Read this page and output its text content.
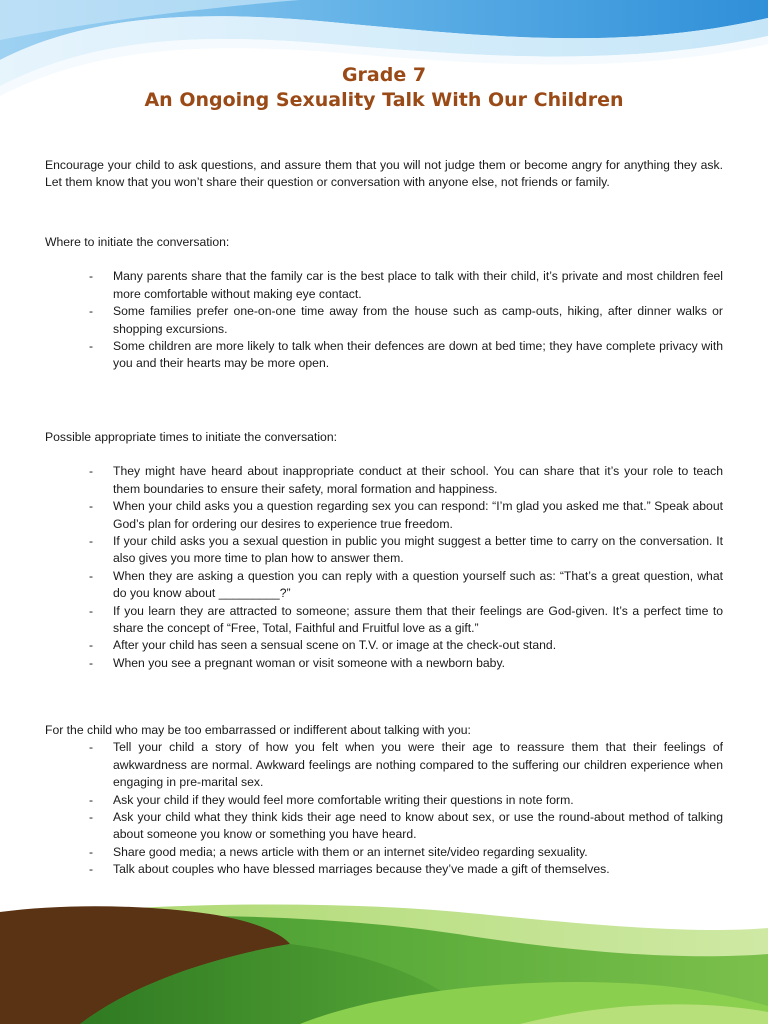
Grade 7
An Ongoing Sexuality Talk With Our Children

Encourage your child to ask questions, and assure them that you will not judge them or become angry for anything they ask. Let them know that you won’t share their question or conversation with anyone else, not friends or family.

Where to initiate the conversation:

- Many parents share that the family car is the best place to talk with their child, it’s private and most children feel more comfortable without making eye contact.
- Some families prefer one-on-one time away from the house such as camp-outs, hiking, after dinner walks or shopping excursions.
- Some children are more likely to talk when their defences are down at bed time; they have complete privacy with you and their hearts may be more open.

Possible appropriate times to initiate the conversation:

- They might have heard about inappropriate conduct at their school. You can share that it’s your role to teach them boundaries to ensure their safety, moral formation and happiness.
- When your child asks you a question regarding sex you can respond: “I’m glad you asked me that.” Speak about God’s plan for ordering our desires to experience true freedom.
- If your child asks you a sexual question in public you might suggest a better time to carry on the conversation. It also gives you more time to plan how to answer them.
- When they are asking a question you can reply with a question yourself such as: “That’s a great question, what do you know about _________?”
- If you learn they are attracted to someone; assure them that their feelings are God-given. It’s a perfect time to share the concept of “Free, Total, Faithful and Fruitful love as a gift.”
- After your child has seen a sensual scene on T.V. or image at the check-out stand.
- When you see a pregnant woman or visit someone with a newborn baby.

For the child who may be too embarrassed or indifferent about talking with you:

- Tell your child a story of how you felt when you were their age to reassure them that their feelings of awkwardness are normal. Awkward feelings are nothing compared to the suffering our children experience when engaging in pre-marital sex.
- Ask your child if they would feel more comfortable writing their questions in note form.
- Ask your child what they think kids their age need to know about sex, or use the round-about method of talking about someone you know or something you have heard.
- Share good media; a news article with them or an internet site/video regarding sexuality.
- Talk about couples who have blessed marriages because they’ve made a gift of themselves.
